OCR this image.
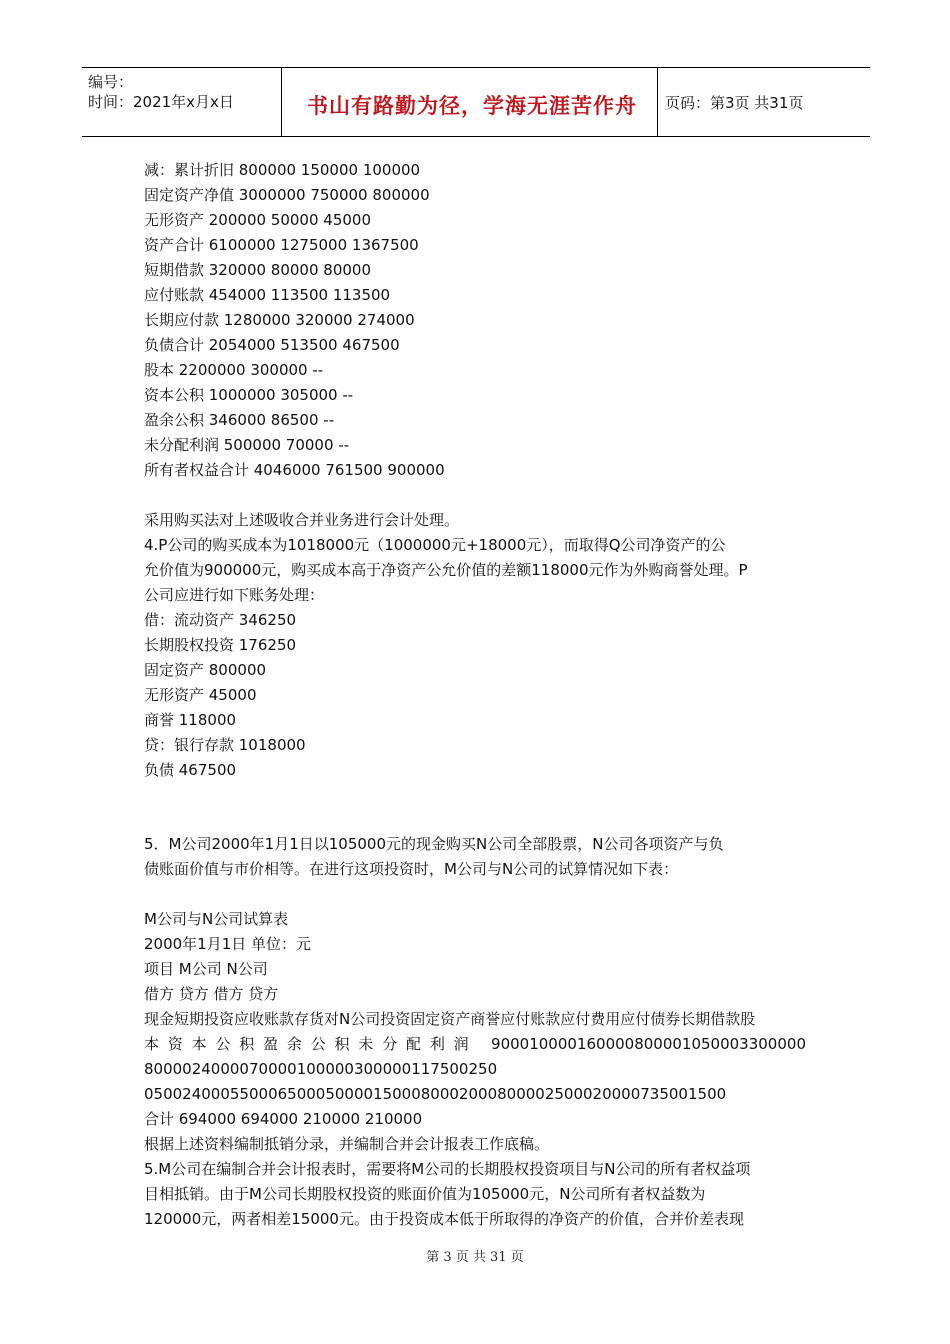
编号：
时间：2021年x月x日	书山有路勤为径，学海无涯苦作舟	页码：第3页 共31页
减：累计折旧 800000 150000 100000
固定资产净值 3000000 750000 800000
无形资产 200000 50000 45000
资产合计 6100000 1275000 1367500
短期借款 320000 80000 80000
应付账款 454000 113500 113500
长期应付款 1280000 320000 274000
负债合计 2054000 513500 467500
股本 2200000 300000 --
资本公积 1000000 305000 --
盈余公积 346000 86500 --
未分配利润 500000 70000 --
所有者权益合计 4046000 761500 900000
采用购买法对上述吸收合并业务进行会计处理。
4.P公司的购买成本为1018000元（1000000元+18000元），而取得Q公司净资产的公
允价值为900000元，购买成本高于净资产公允价值的差额118000元作为外购商誉处理。P
公司应进行如下账务处理：
借：流动资产 346250
长期股权投资 176250
固定资产 800000
无形资产 45000
商誉 118000
贷：银行存款 1018000
负债 467500
5．M公司2000年1月1日以105000元的现金购买N公司全部股票，N公司各项资产与负
债账面价值与市价相等。在进行这项投资时，M公司与N公司的试算情况如下表：
M公司与N公司试算表
2000年1月1日 单位：元
项目 M公司 N公司
借方 贷方 借方 贷方
现金短期投资应收账款存货对N公司投资固定资产商誉应付账款应付费用应付债券长期借款股
本资本公积盈余公积未分配利润 900010000160000800001050003300000
8000024000070000100000300000117500250
0500240005500065000500001500080002000800002500020000735001500
合计 694000 694000 210000 210000
根据上述资料编制抵销分录，并编制合并会计报表工作底稿。
5.M公司在编制合并会计报表时，需要将M公司的长期股权投资项目与N公司的所有者权益项
目相抵销。由于M公司长期股权投资的账面价值为105000元，N公司所有者权益数为
120000元，两者相差15000元。由于投资成本低于所取得的净资产的价值，合并价差表现
第 3 页 共 31 页
